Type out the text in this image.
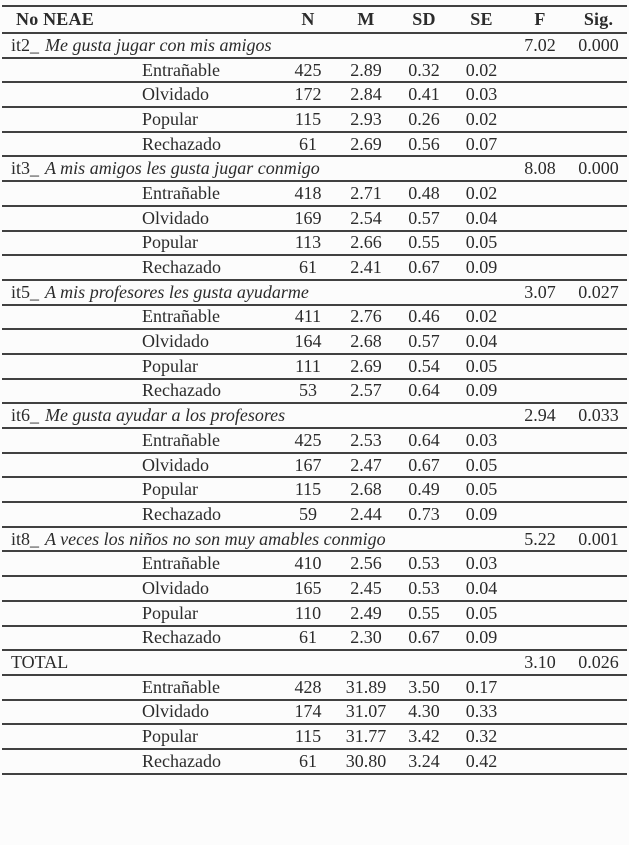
No NEAE	N	M	SD	SE	F	Sig.
it2_ Me gusta jugar con mis amigos					7.02	0.000
Entrañable	425	2.89	0.32	0.02		
Olvidado	172	2.84	0.41	0.03		
Popular	115	2.93	0.26	0.02		
Rechazado	61	2.69	0.56	0.07		
it3_ A mis amigos les gusta jugar conmigo					8.08	0.000
Entrañable	418	2.71	0.48	0.02		
Olvidado	169	2.54	0.57	0.04		
Popular	113	2.66	0.55	0.05		
Rechazado	61	2.41	0.67	0.09		
it5_ A mis profesores les gusta ayudarme					3.07	0.027
Entrañable	411	2.76	0.46	0.02		
Olvidado	164	2.68	0.57	0.04		
Popular	111	2.69	0.54	0.05		
Rechazado	53	2.57	0.64	0.09		
it6_ Me gusta ayudar a los profesores					2.94	0.033
Entrañable	425	2.53	0.64	0.03		
Olvidado	167	2.47	0.67	0.05		
Popular	115	2.68	0.49	0.05		
Rechazado	59	2.44	0.73	0.09		
it8_ A veces los niños no son muy amables conmigo					5.22	0.001
Entrañable	410	2.56	0.53	0.03		
Olvidado	165	2.45	0.53	0.04		
Popular	110	2.49	0.55	0.05		
Rechazado	61	2.30	0.67	0.09		
TOTAL					3.10	0.026
Entrañable	428	31.89	3.50	0.17		
Olvidado	174	31.07	4.30	0.33		
Popular	115	31.77	3.42	0.32		
Rechazado	61	30.80	3.24	0.42		
